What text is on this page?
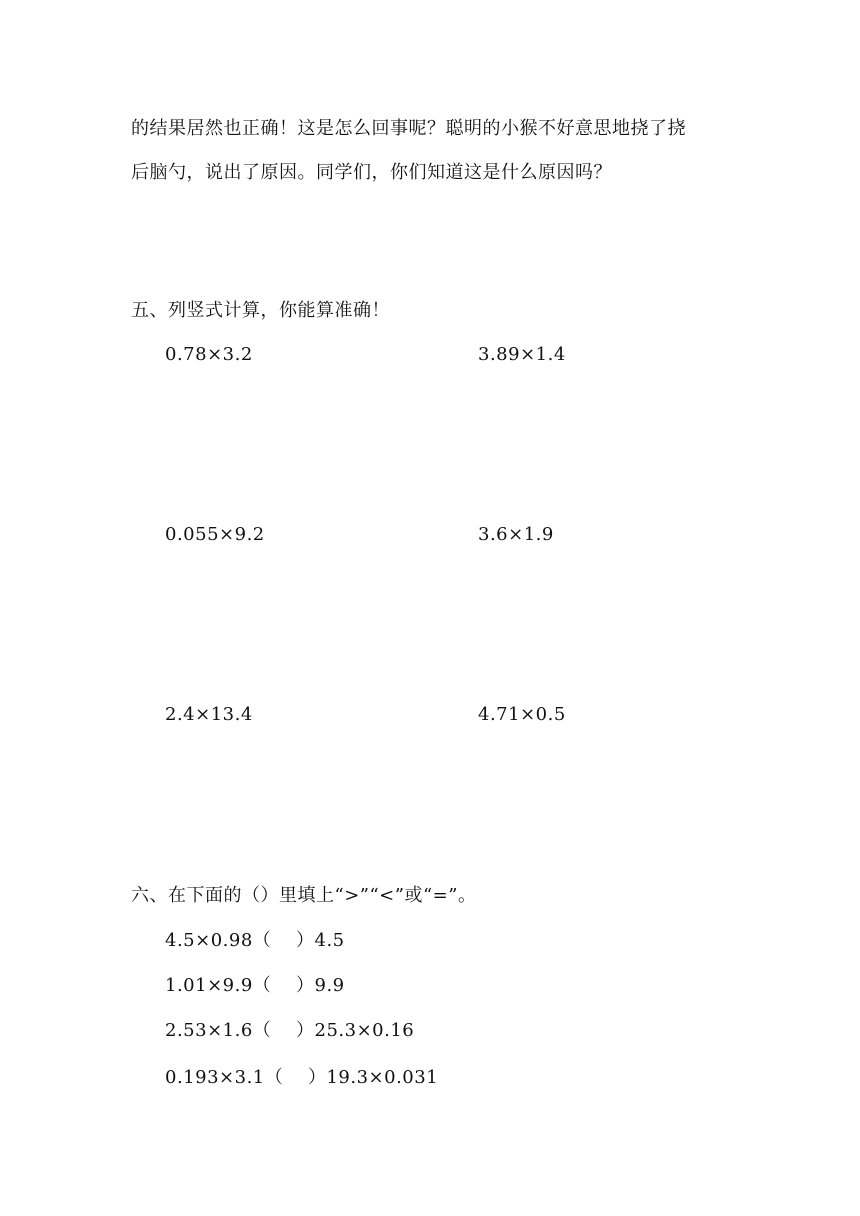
的结果居然也正确！这是怎么回事呢？聪明的小猴不好意思地挠了挠
后脑勺，说出了原因。同学们，你们知道这是什么原因吗？
五、列竖式计算，你能算准确！
0.78×3.2	3.89×1.4
0.055×9.2	3.6×1.9
2.4×13.4	4.71×0.5
六、在下面的（）里填上“>”“<”或“=”。
4.5×0.98（　 ）4.5
1.01×9.9（　 ）9.9
2.53×1.6（　 ）25.3×0.16
0.193×3.1（　 ）19.3×0.031
